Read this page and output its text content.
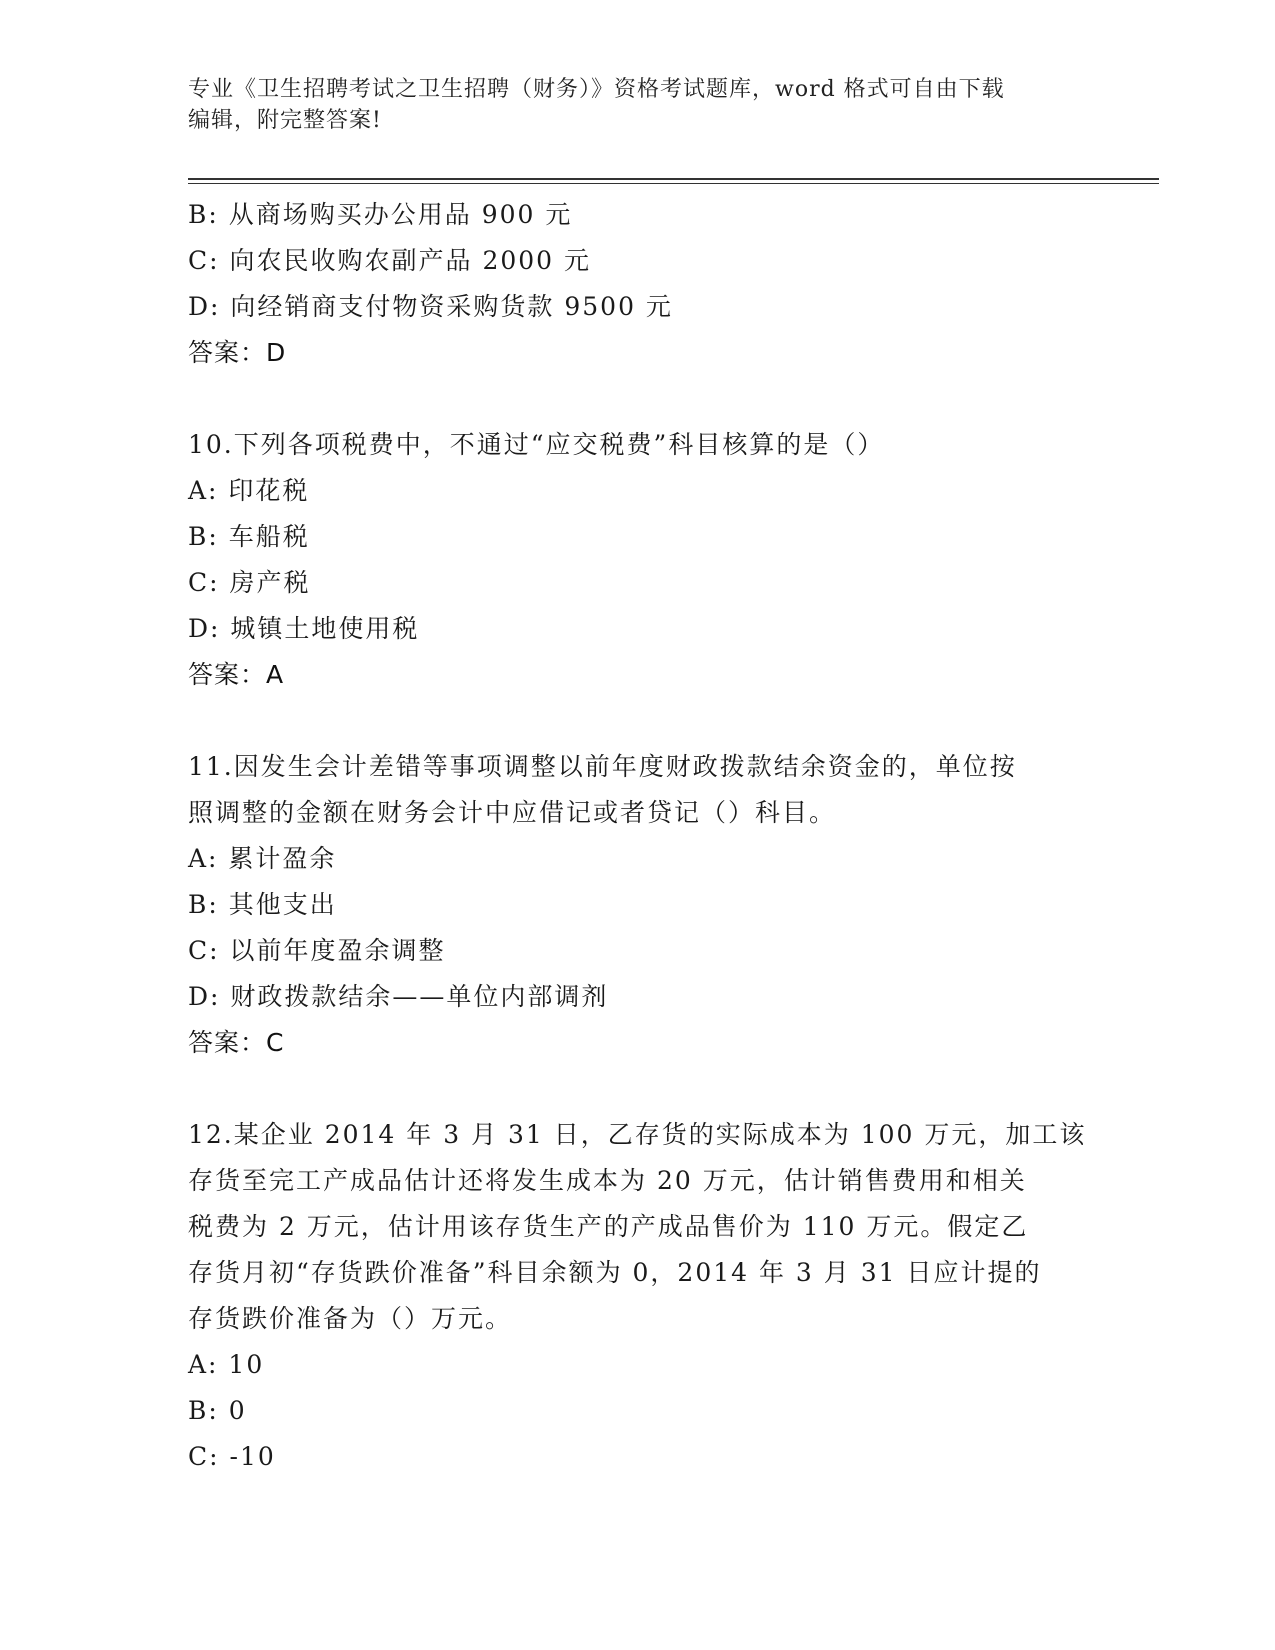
专业《卫生招聘考试之卫生招聘（财务）》资格考试题库，word 格式可自由下载
编辑，附完整答案!
B: 从商场购买办公用品 900 元
C: 向农民收购农副产品 2000 元
D: 向经销商支付物资采购货款 9500 元
答案：D
10.下列各项税费中，不通过“应交税费”科目核算的是（）
A: 印花税
B: 车船税
C: 房产税
D: 城镇土地使用税
答案：A
11.因发生会计差错等事项调整以前年度财政拨款结余资金的，单位按
照调整的金额在财务会计中应借记或者贷记（）科目。
A: 累计盈余
B: 其他支出
C: 以前年度盈余调整
D: 财政拨款结余——单位内部调剂
答案：C
12.某企业 2014 年 3 月 31 日，乙存货的实际成本为 100 万元，加工该
存货至完工产成品估计还将发生成本为 20 万元，估计销售费用和相关
税费为 2 万元，估计用该存货生产的产成品售价为 110 万元。假定乙
存货月初“存货跌价准备”科目余额为 0，2014 年 3 月 31 日应计提的
存货跌价准备为（）万元。
A: 10
B: 0
C: -10
